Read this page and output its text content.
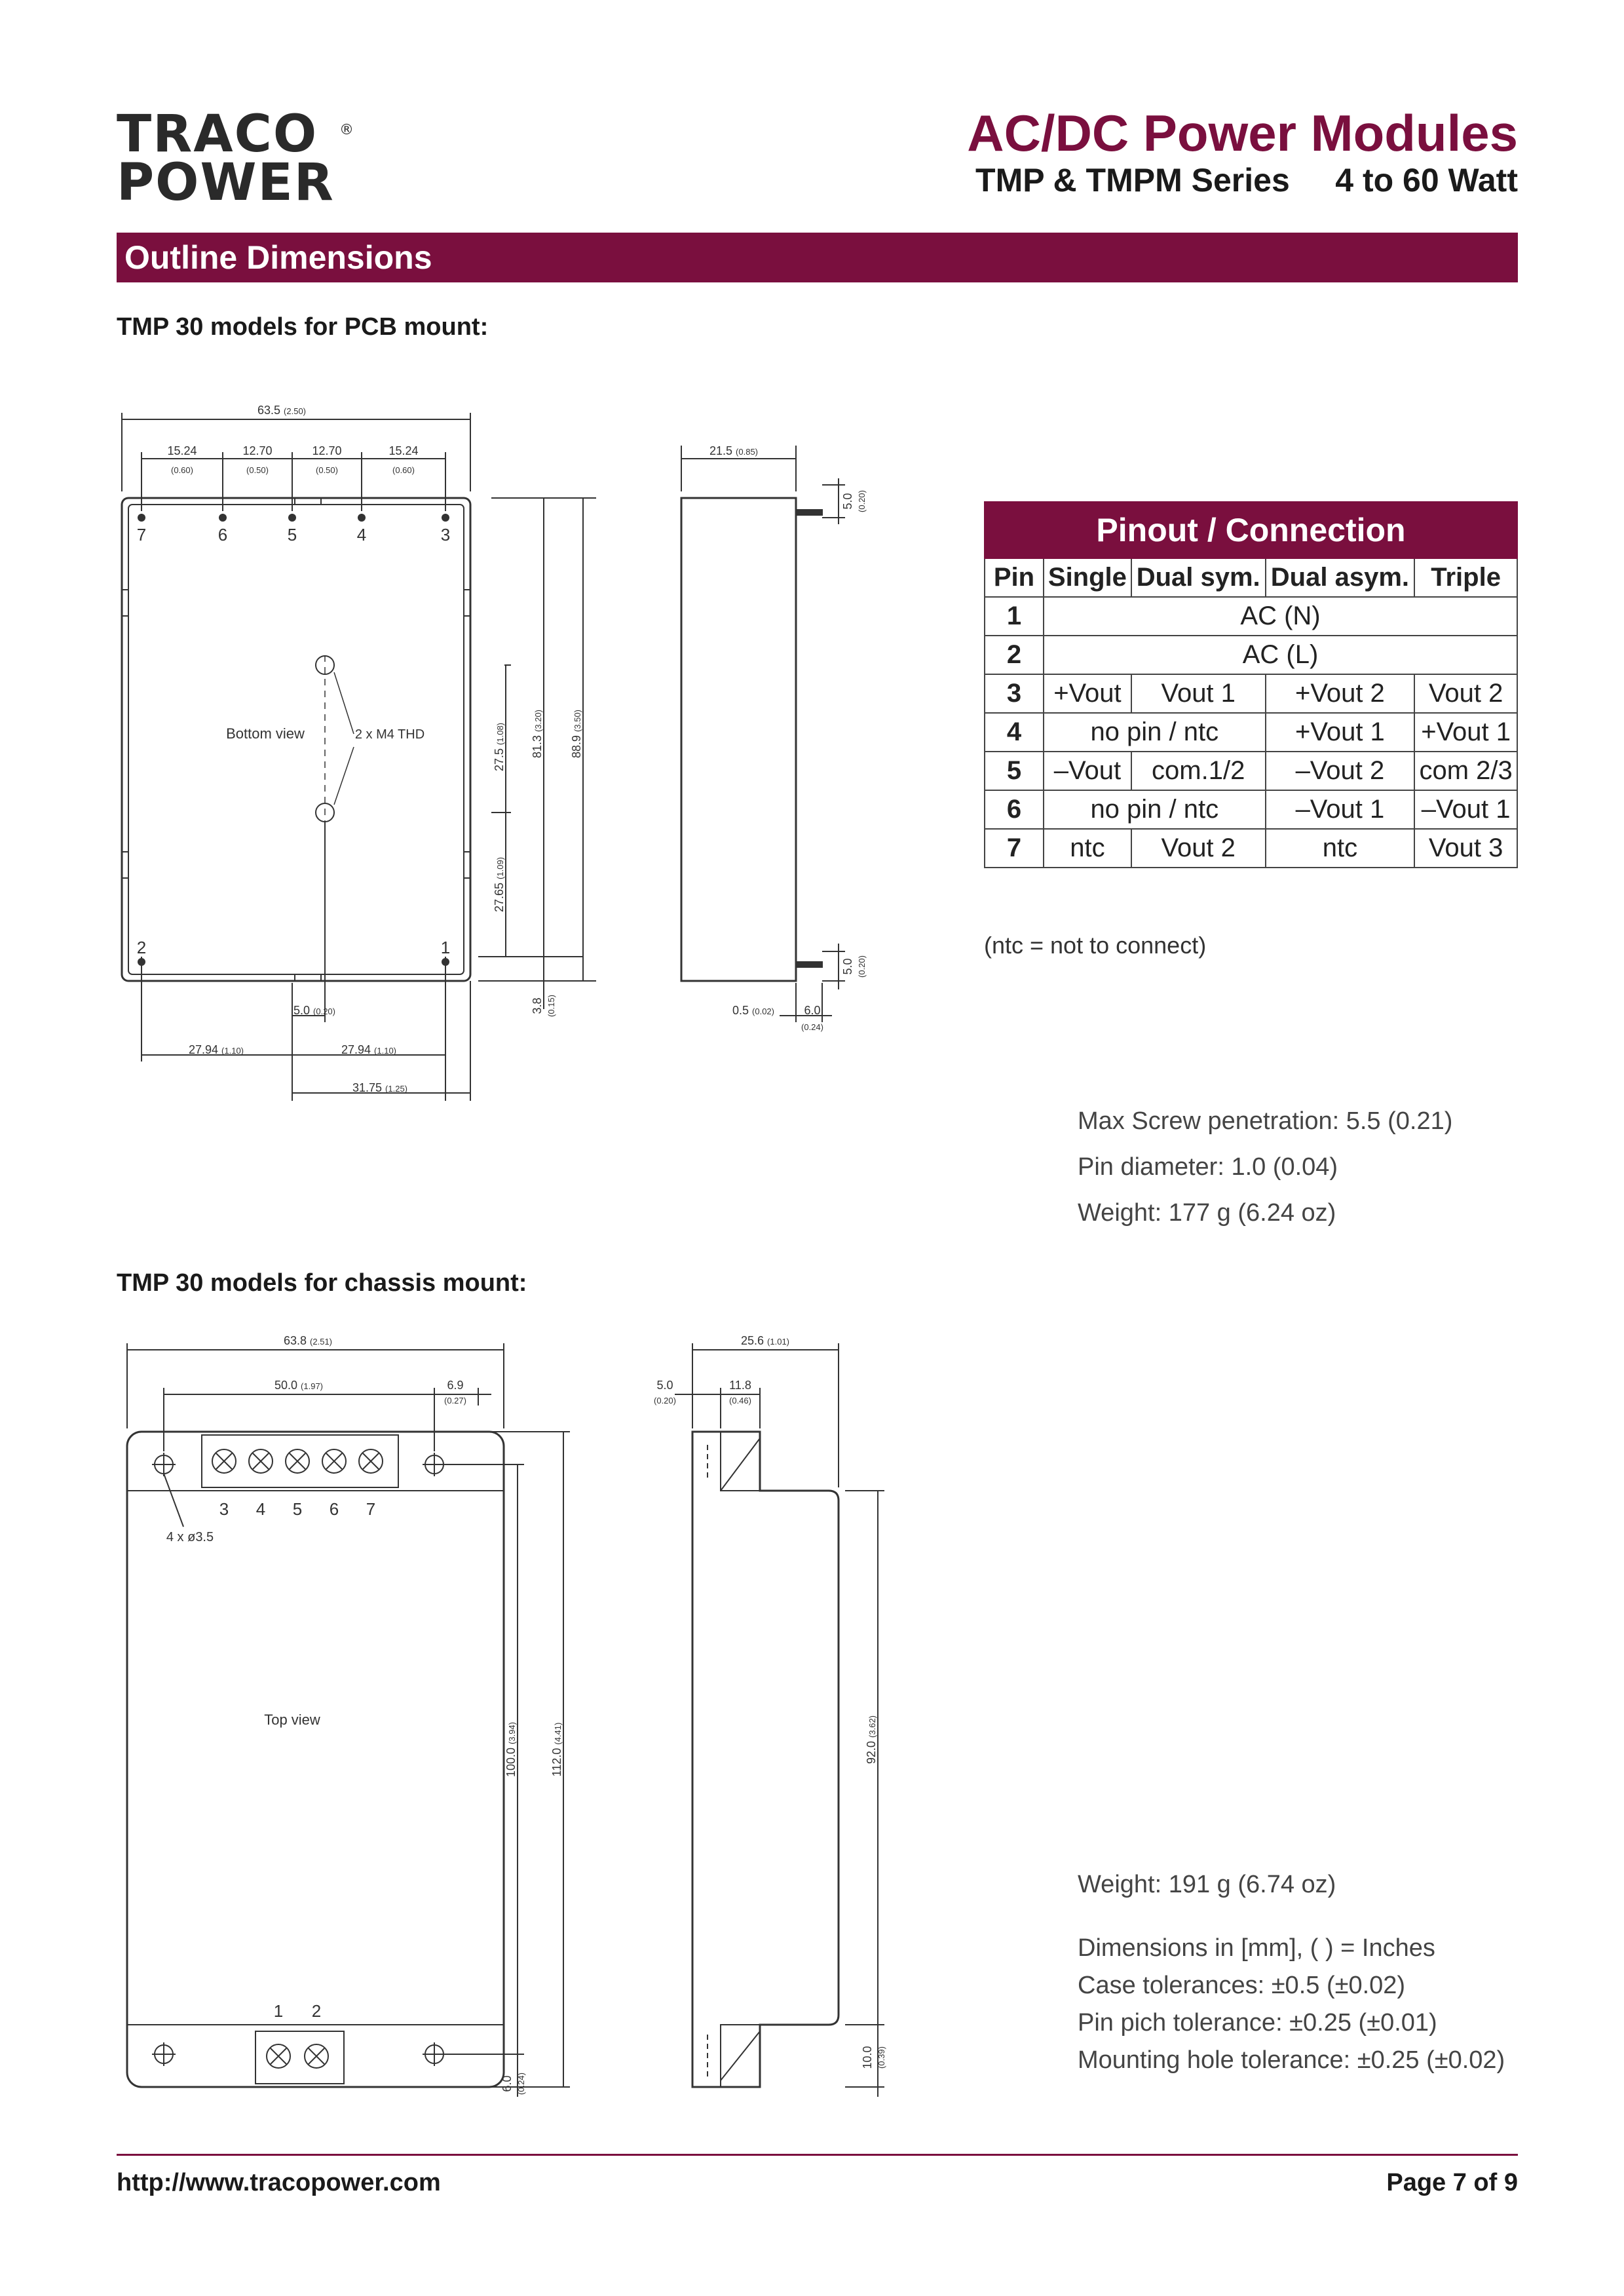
TRACO
POWER
®	AC/DC Power Modules
TMP & TMPM Series 4 to 60 Watt
Outline Dimensions
TMP 30 models for PCB mount:
7	6	5	4	3
2	1
63.5 (2.50)
15.24
(0.60)
12.70
(0.50)
12.70
(0.50)
15.24
(0.60)
21.5 (0.85)
5.0 (0.20)
27.94 (1.10)	27.94 (1.10)
31.75 (1.25)
0.5 (0.02)	6.0
(0.24)
27.5 (1.08)
27.65 (1.09)
81.3 (3.20)
88.9 (3.50)
3.8 (0.15)
5.0 (0.20)
5.0 (0.20)
Bottom view	2 x M4 THD
Pinout / Connection				
Pin	Single	Dual sym.	Dual asym.	Triple
1	AC (N)			
2	AC (L)			
3	+Vout	Vout 1	+Vout 2	Vout 2
4	no pin / ntc		+Vout 1	+Vout 1
5	–Vout	com.1/2	–Vout 2	com 2/3
6	no pin / ntc		–Vout 1	–Vout 1
7	ntc	Vout 2	ntc	Vout 3
(ntc = not to connect)
Max Screw penetration: 5.5 (0.21)
Pin diameter: 1.0 (0.04)
Weight: 177 g (6.24 oz)
TMP 30 models for chassis mount:
3 4 5 6 7
1 2
4 x ø3.5
Top view
63.8 (2.51)
50.0 (1.97)	6.9
(0.27)
25.6 (1.01)
5.0
(0.20)
11.8
(0.46)
100.0 (3.94)
112.0 (4.41)
92.0 (3.62)
6.0 (0.24)
10.0 (0.39)
Weight: 191 g (6.74 oz)
Dimensions in [mm], ( ) = Inches
Case tolerances: ±0.5 (±0.02)
Pin pich tolerance: ±0.25 (±0.01)
Mounting hole tolerance: ±0.25 (±0.02)
http://www.tracopower.com	Page 7 of 9
